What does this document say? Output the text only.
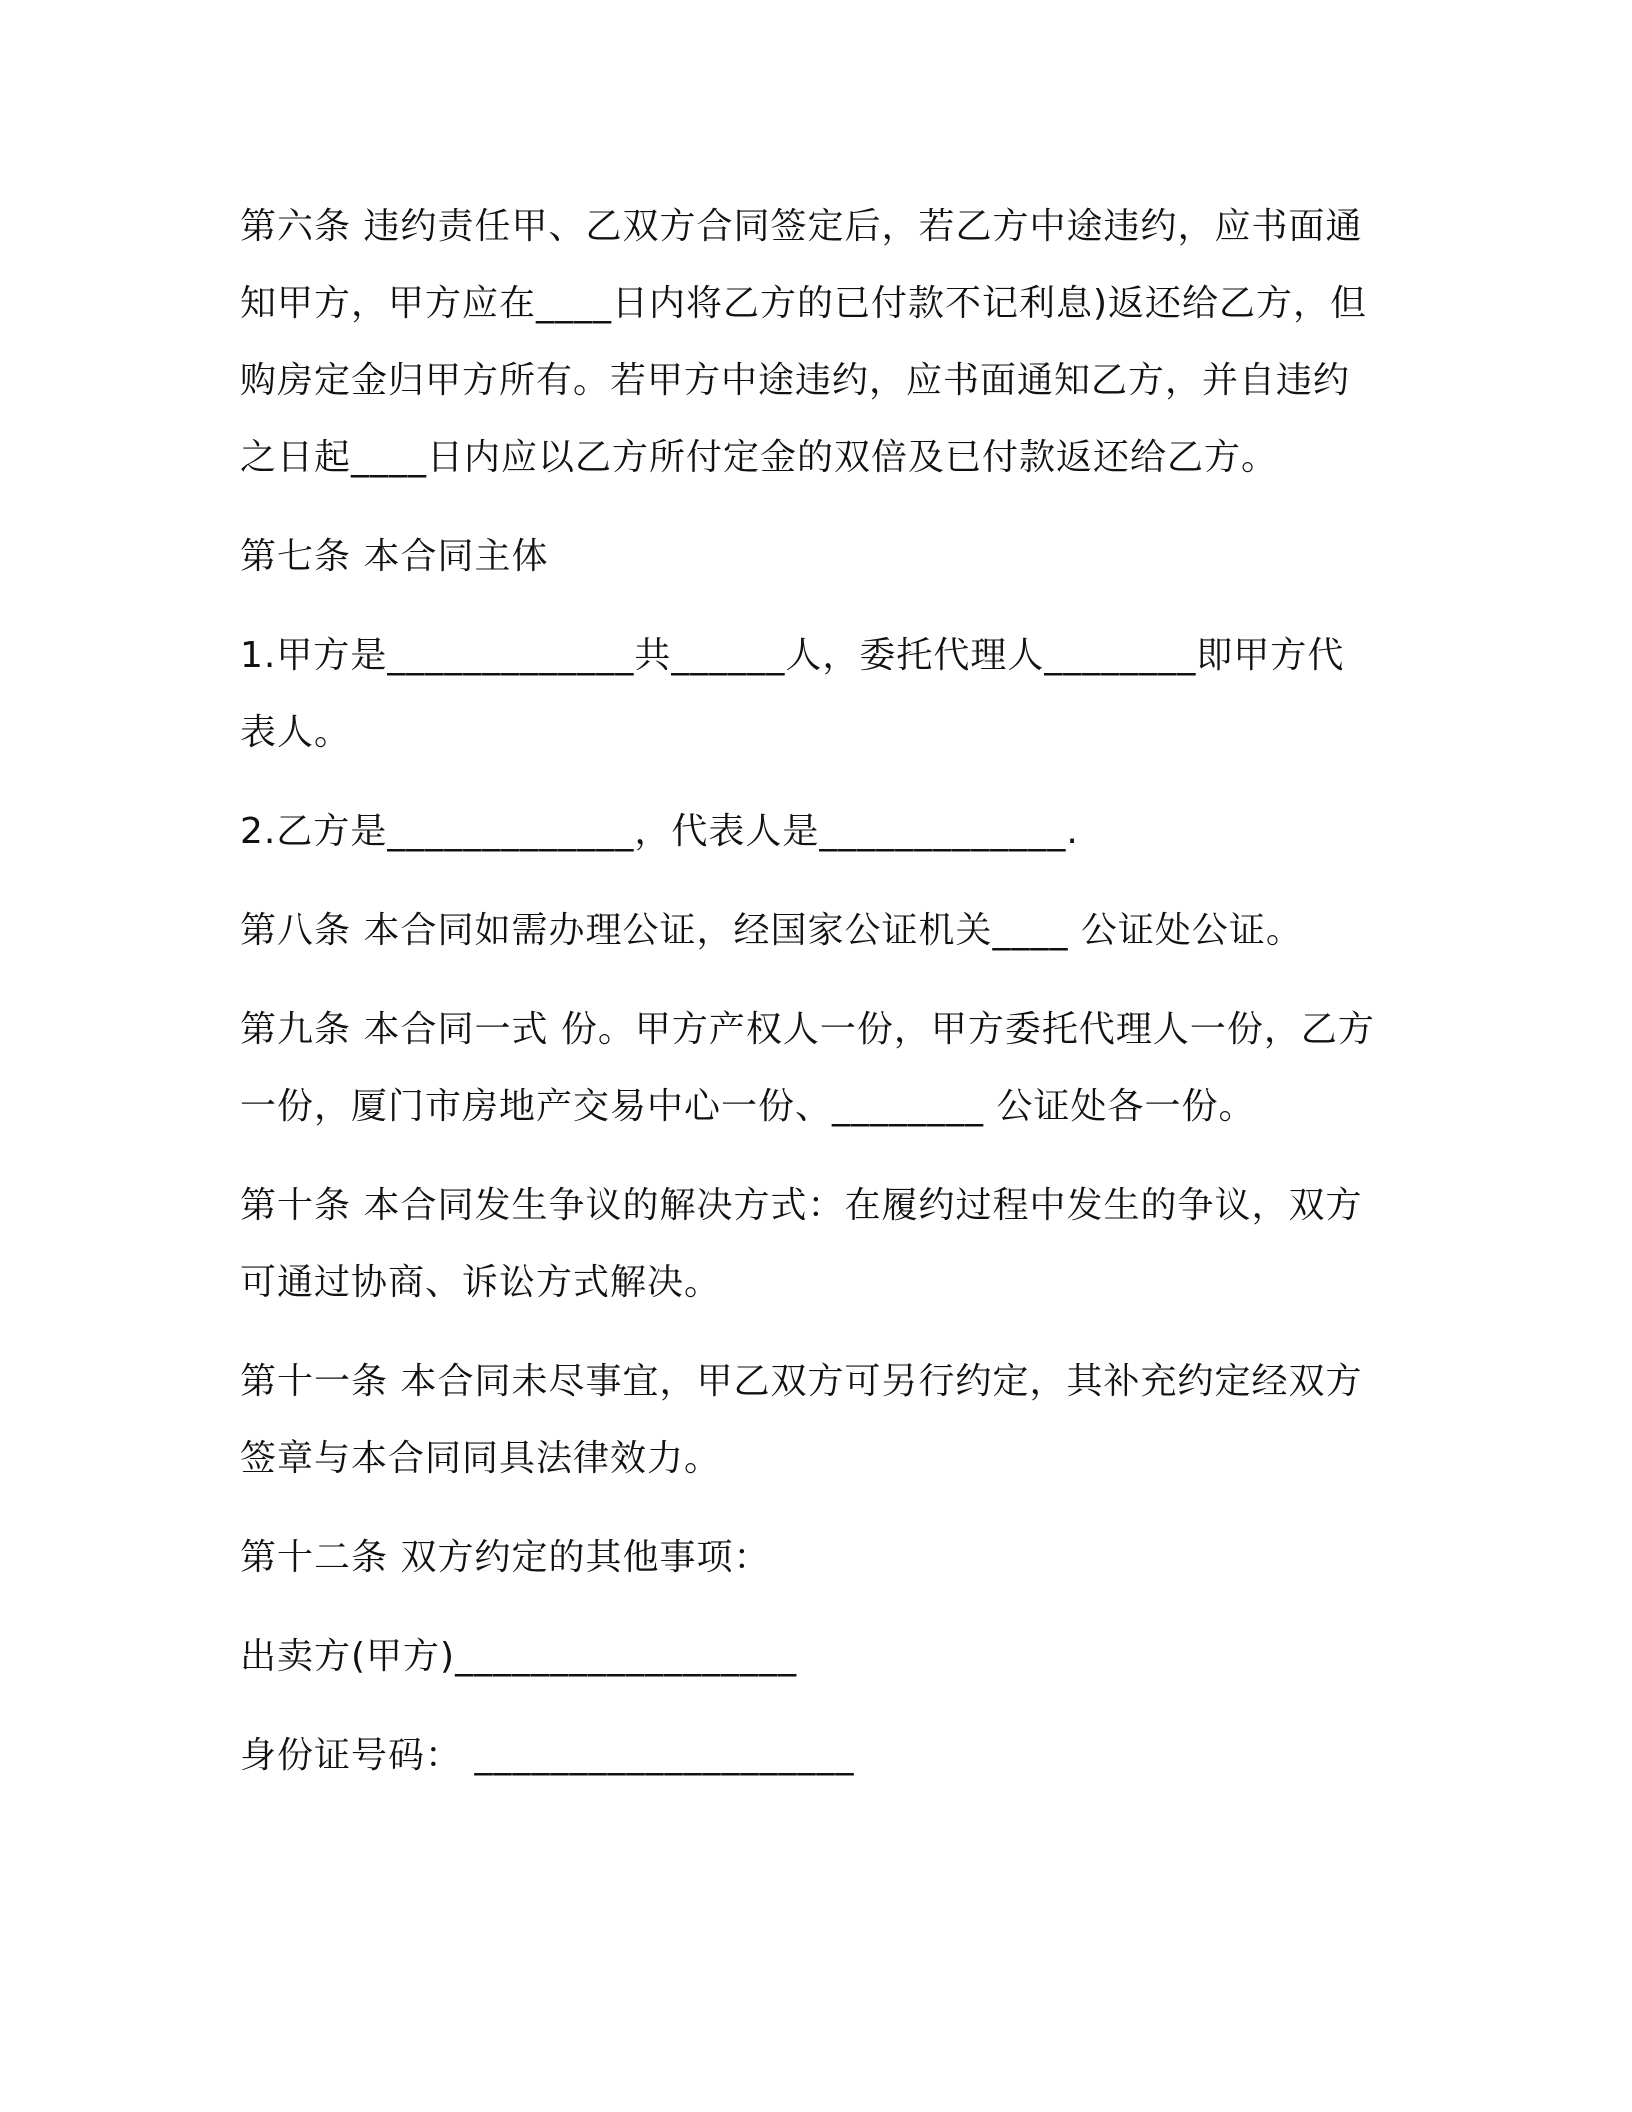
第六条 违约责任甲、乙双方合同签定后，若乙方中途违约，应书面通
知甲方，甲方应在____日内将乙方的已付款不记利息)返还给乙方，但
购房定金归甲方所有。若甲方中途违约，应书面通知乙方，并自违约
之日起____日内应以乙方所付定金的双倍及已付款返还给乙方。

第七条 本合同主体

1.甲方是_____________共______人，委托代理人________即甲方代
表人。

2.乙方是_____________，代表人是_____________.

第八条 本合同如需办理公证，经国家公证机关____ 公证处公证。

第九条 本合同一式 份。甲方产权人一份，甲方委托代理人一份，乙方
一份，厦门市房地产交易中心一份、________ 公证处各一份。

第十条 本合同发生争议的解决方式：在履约过程中发生的争议，双方
可通过协商、诉讼方式解决。

第十一条 本合同未尽事宜，甲乙双方可另行约定，其补充约定经双方
签章与本合同同具法律效力。

第十二条 双方约定的其他事项：

出卖方(甲方)__________________

身份证号码： ____________________
